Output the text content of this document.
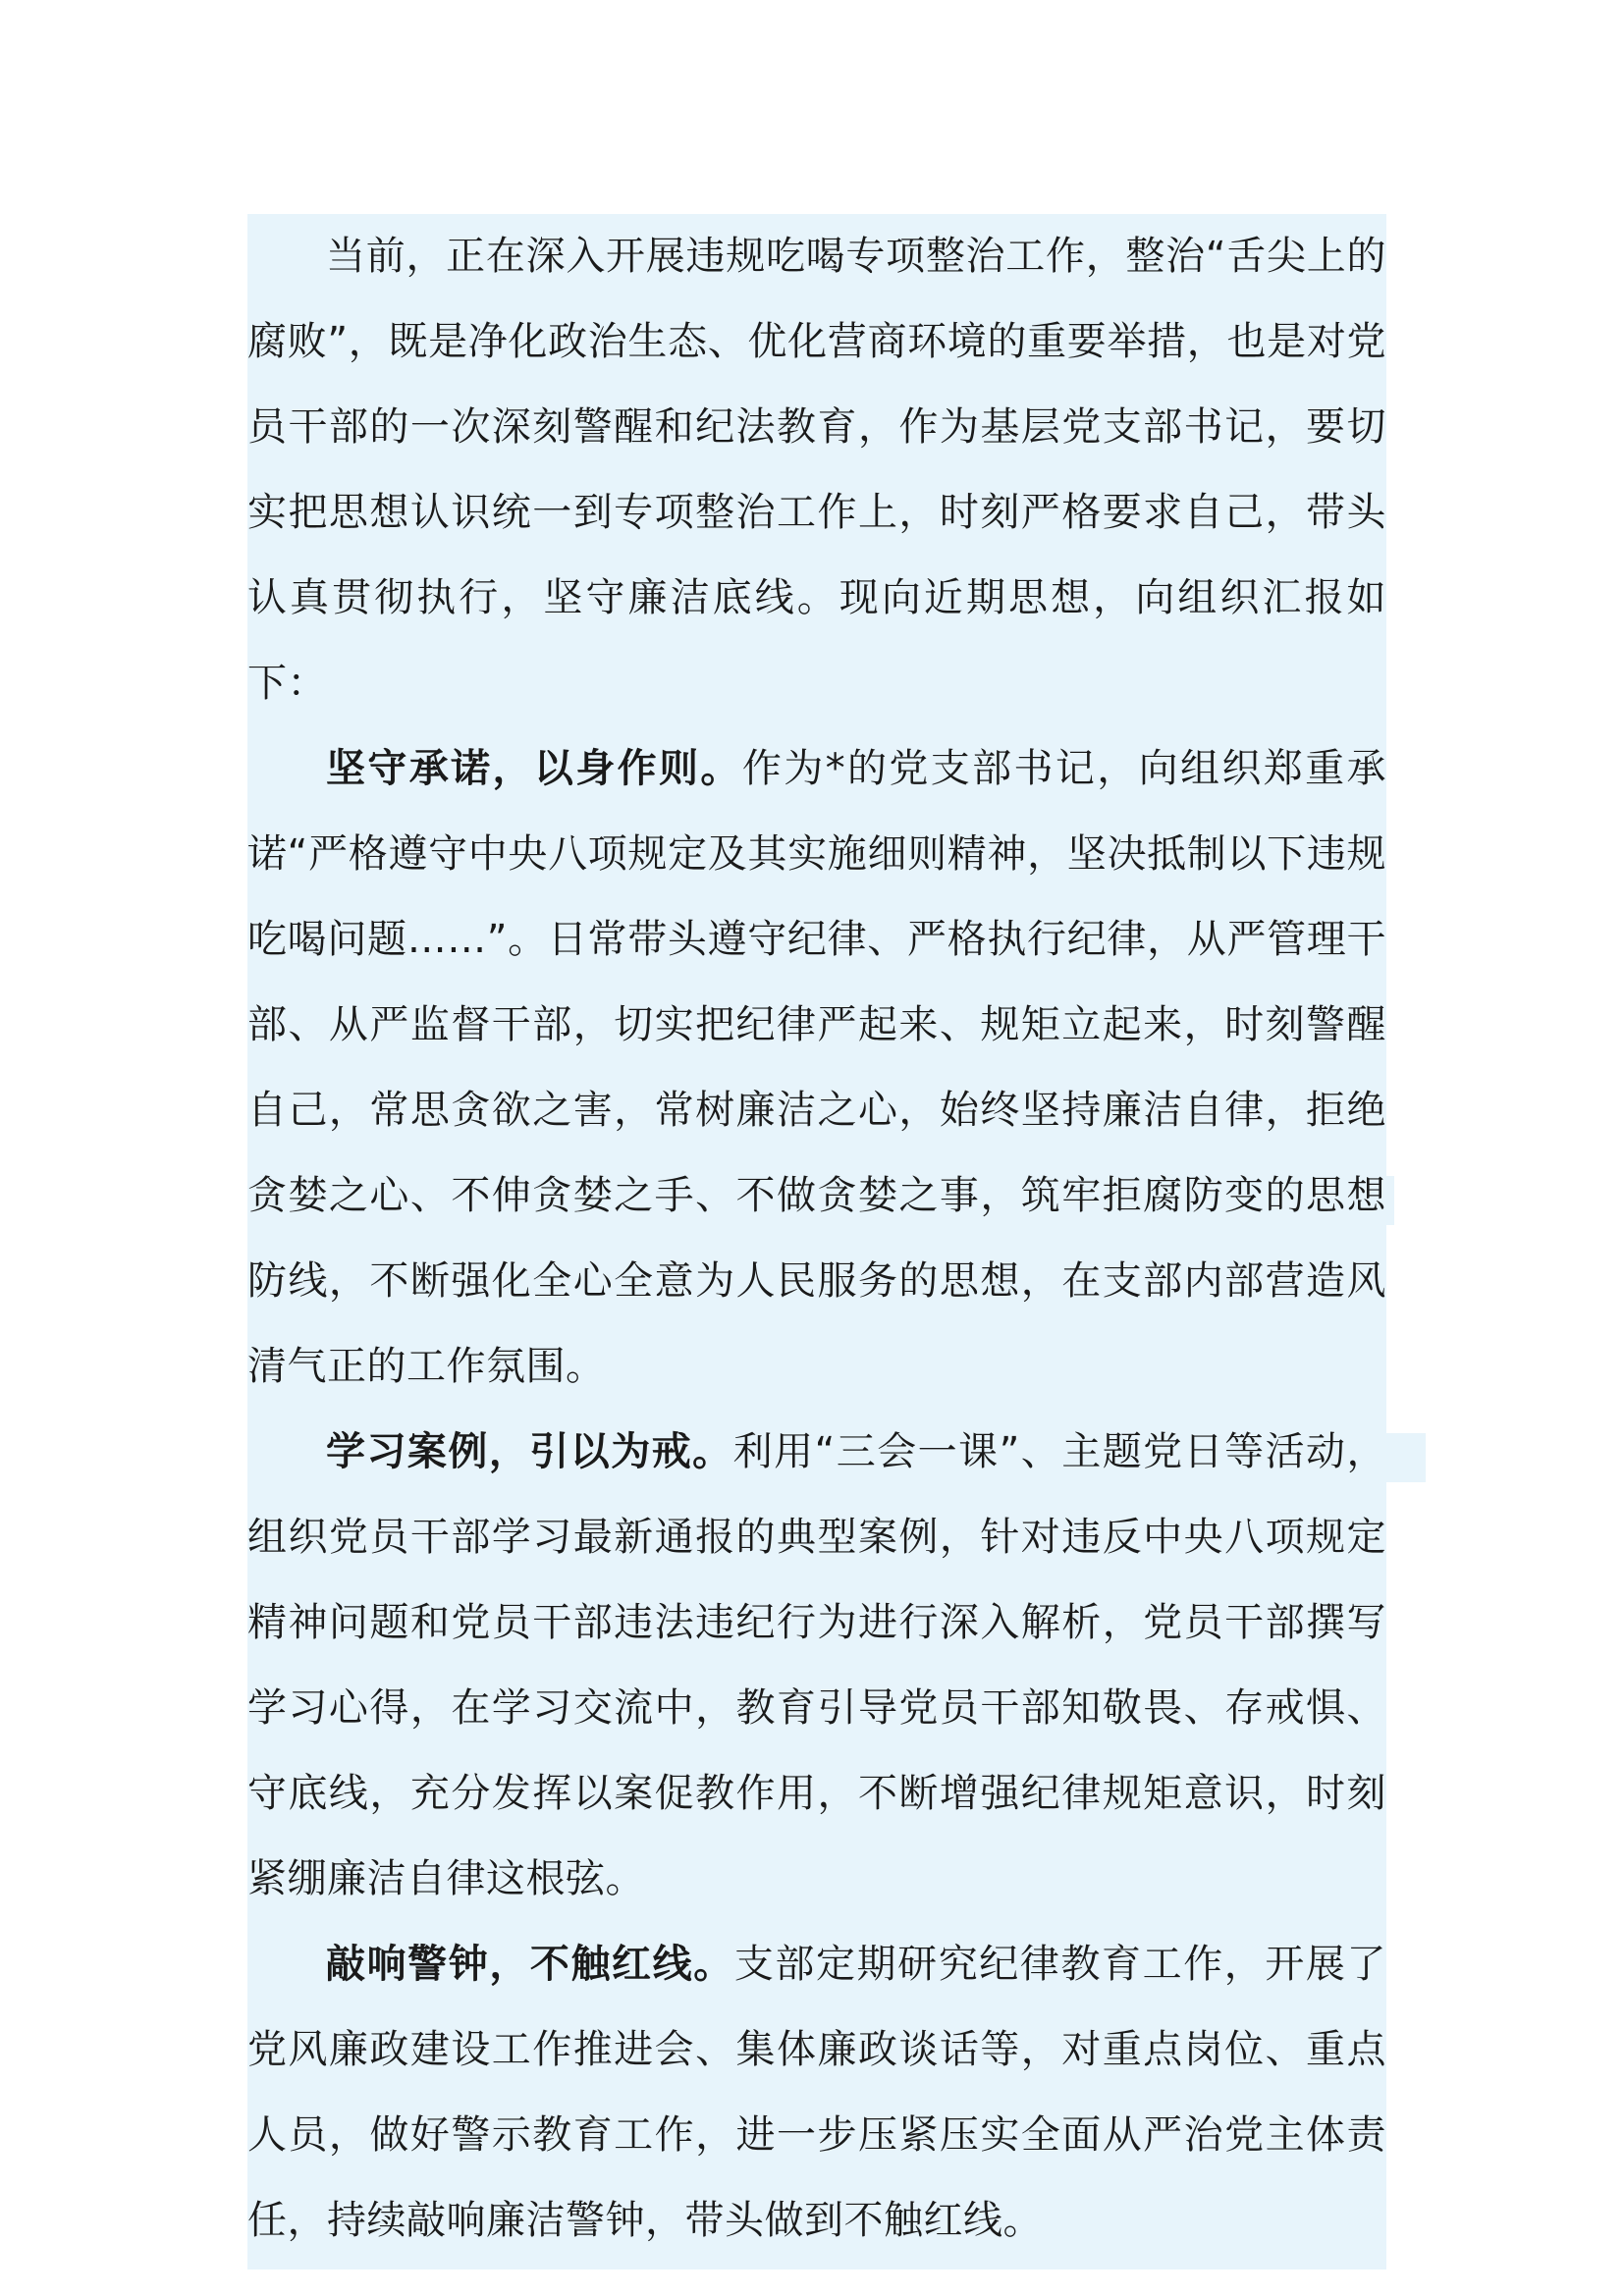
当前，正在深入开展违规吃喝专项整治工作，整治“舌尖上的腐败”，既是净化政治生态、优化营商环境的重要举措，也是对党员干部的一次深刻警醒和纪法教育，作为基层党支部书记，要切实把思想认识统一到专项整治工作上，时刻严格要求自己，带头认真贯彻执行，坚守廉洁底线。现向近期思想，向组织汇报如下：

坚守承诺，以身作则。作为*的党支部书记，向组织郑重承诺“严格遵守中央八项规定及其实施细则精神，坚决抵制以下违规吃喝问题……”。日常带头遵守纪律、严格执行纪律，从严管理干部、从严监督干部，切实把纪律严起来、规矩立起来，时刻警醒自己，常思贪欲之害，常树廉洁之心，始终坚持廉洁自律，拒绝贪婪之心、不伸贪婪之手、不做贪婪之事，筑牢拒腐防变的思想防线，不断强化全心全意为人民服务的思想，在支部内部营造风清气正的工作氛围。

学习案例，引以为戒。利用“三会一课”、主题党日等活动，组织党员干部学习最新通报的典型案例，针对违反中央八项规定精神问题和党员干部违法违纪行为进行深入解析，党员干部撰写学习心得，在学习交流中，教育引导党员干部知敬畏、存戒惧、守底线，充分发挥以案促教作用，不断增强纪律规矩意识，时刻紧绷廉洁自律这根弦。

敲响警钟，不触红线。支部定期研究纪律教育工作，开展了党风廉政建设工作推进会、集体廉政谈话等，对重点岗位、重点人员，做好警示教育工作，进一步压紧压实全面从严治党主体责任，持续敲响廉洁警钟，带头做到不触红线。
